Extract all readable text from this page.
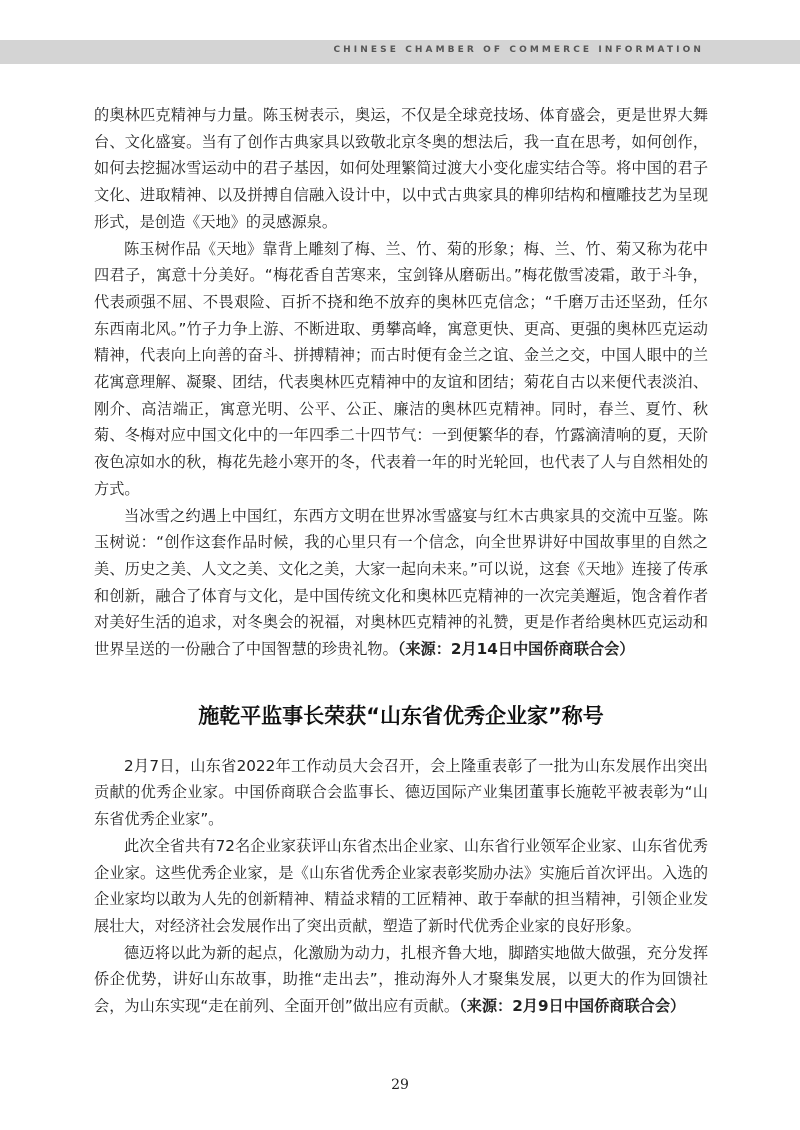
CHINESE CHAMBER OF COMMERCE INFORMATION

的奥林匹克精神与力量。陈玉树表示，奥运，不仅是全球竞技场、体育盛会，更是世界大舞台、文化盛宴。当有了创作古典家具以致敬北京冬奥的想法后，我一直在思考，如何创作，如何去挖掘冰雪运动中的君子基因，如何处理繁简过渡大小变化虚实结合等。将中国的君子文化、进取精神、以及拼搏自信融入设计中，以中式古典家具的榫卯结构和檀雕技艺为呈现形式，是创造《天地》的灵感源泉。

陈玉树作品《天地》靠背上雕刻了梅、兰、竹、菊的形象；梅、兰、竹、菊又称为花中四君子，寓意十分美好。“梅花香自苦寒来，宝剑锋从磨砺出。”梅花傲雪凌霜，敢于斗争，代表顽强不屈、不畏艰险、百折不挠和绝不放弃的奥林匹克信念；“千磨万击还坚劲，任尔东西南北风。”竹子力争上游、不断进取、勇攀高峰，寓意更快、更高、更强的奥林匹克运动精神，代表向上向善的奋斗、拼搏精神；而古时便有金兰之谊、金兰之交，中国人眼中的兰花寓意理解、凝聚、团结，代表奥林匹克精神中的友谊和团结；菊花自古以来便代表淡泊、刚介、高洁端正，寓意光明、公平、公正、廉洁的奥林匹克精神。同时，春兰、夏竹、秋菊、冬梅对应中国文化中的一年四季二十四节气：一到便繁华的春，竹露滴清响的夏，天阶夜色凉如水的秋，梅花先趁小寒开的冬，代表着一年的时光轮回，也代表了人与自然相处的方式。

当冰雪之约遇上中国红，东西方文明在世界冰雪盛宴与红木古典家具的交流中互鉴。陈玉树说：“创作这套作品时候，我的心里只有一个信念，向全世界讲好中国故事里的自然之美、历史之美、人文之美、文化之美，大家一起向未来。”可以说，这套《天地》连接了传承和创新，融合了体育与文化，是中国传统文化和奥林匹克精神的一次完美邂逅，饱含着作者对美好生活的追求，对冬奥会的祝福，对奥林匹克精神的礼赞，更是作者给奥林匹克运动和世界呈送的一份融合了中国智慧的珍贵礼物。（来源：2月14日中国侨商联合会）

施乾平监事长荣获“山东省优秀企业家”称号

2月7日，山东省2022年工作动员大会召开，会上隆重表彰了一批为山东发展作出突出贡献的优秀企业家。中国侨商联合会监事长、德迈国际产业集团董事长施乾平被表彰为“山东省优秀企业家”。

此次全省共有72名企业家获评山东省杰出企业家、山东省行业领军企业家、山东省优秀企业家。这些优秀企业家，是《山东省优秀企业家表彰奖励办法》实施后首次评出。入选的企业家均以敢为人先的创新精神、精益求精的工匠精神、敢于奉献的担当精神，引领企业发展壮大，对经济社会发展作出了突出贡献，塑造了新时代优秀企业家的良好形象。

德迈将以此为新的起点，化激励为动力，扎根齐鲁大地，脚踏实地做大做强，充分发挥侨企优势，讲好山东故事，助推“走出去”，推动海外人才聚集发展，以更大的作为回馈社会，为山东实现“走在前列、全面开创”做出应有贡献。（来源：2月9日中国侨商联合会）

29
